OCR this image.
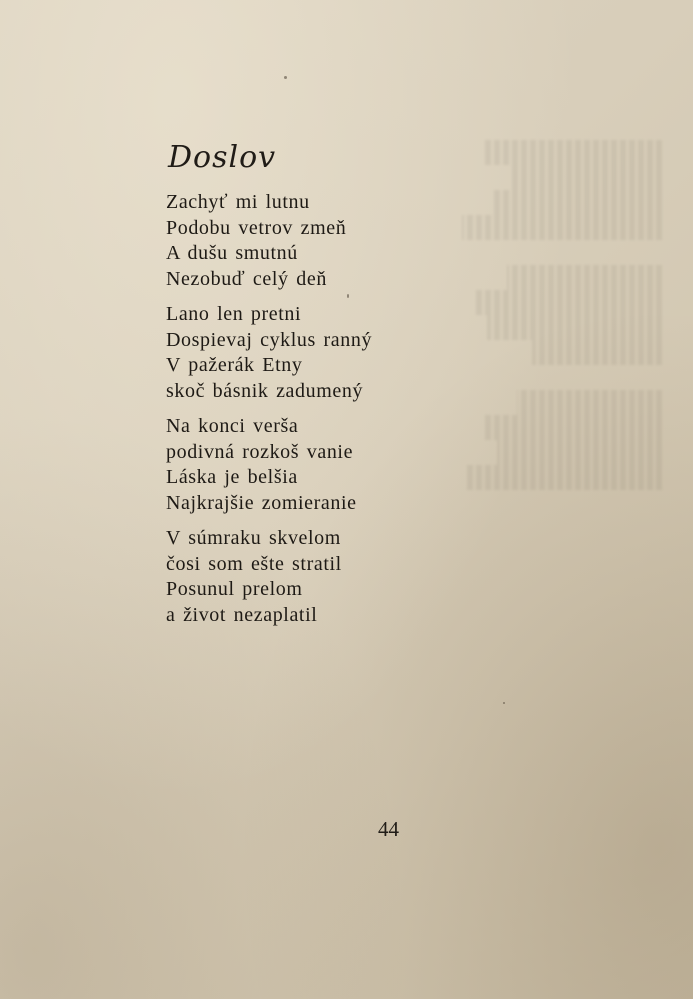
Doslov
Zachyť mi lutnu
Podobu vetrov zmeň
A dušu smutnú
Nezobuď celý deň
Lano len pretni
Dospievaj cyklus ranný
V pažerák Etny
skoč básnik zadumený
Na konci verša
podivná rozkoš vanie
Láska je belšia
Najkrajšie zomieranie
V súmraku skvelom
čosi som ešte stratil
Posunul prelom
a život nezaplatil
44
